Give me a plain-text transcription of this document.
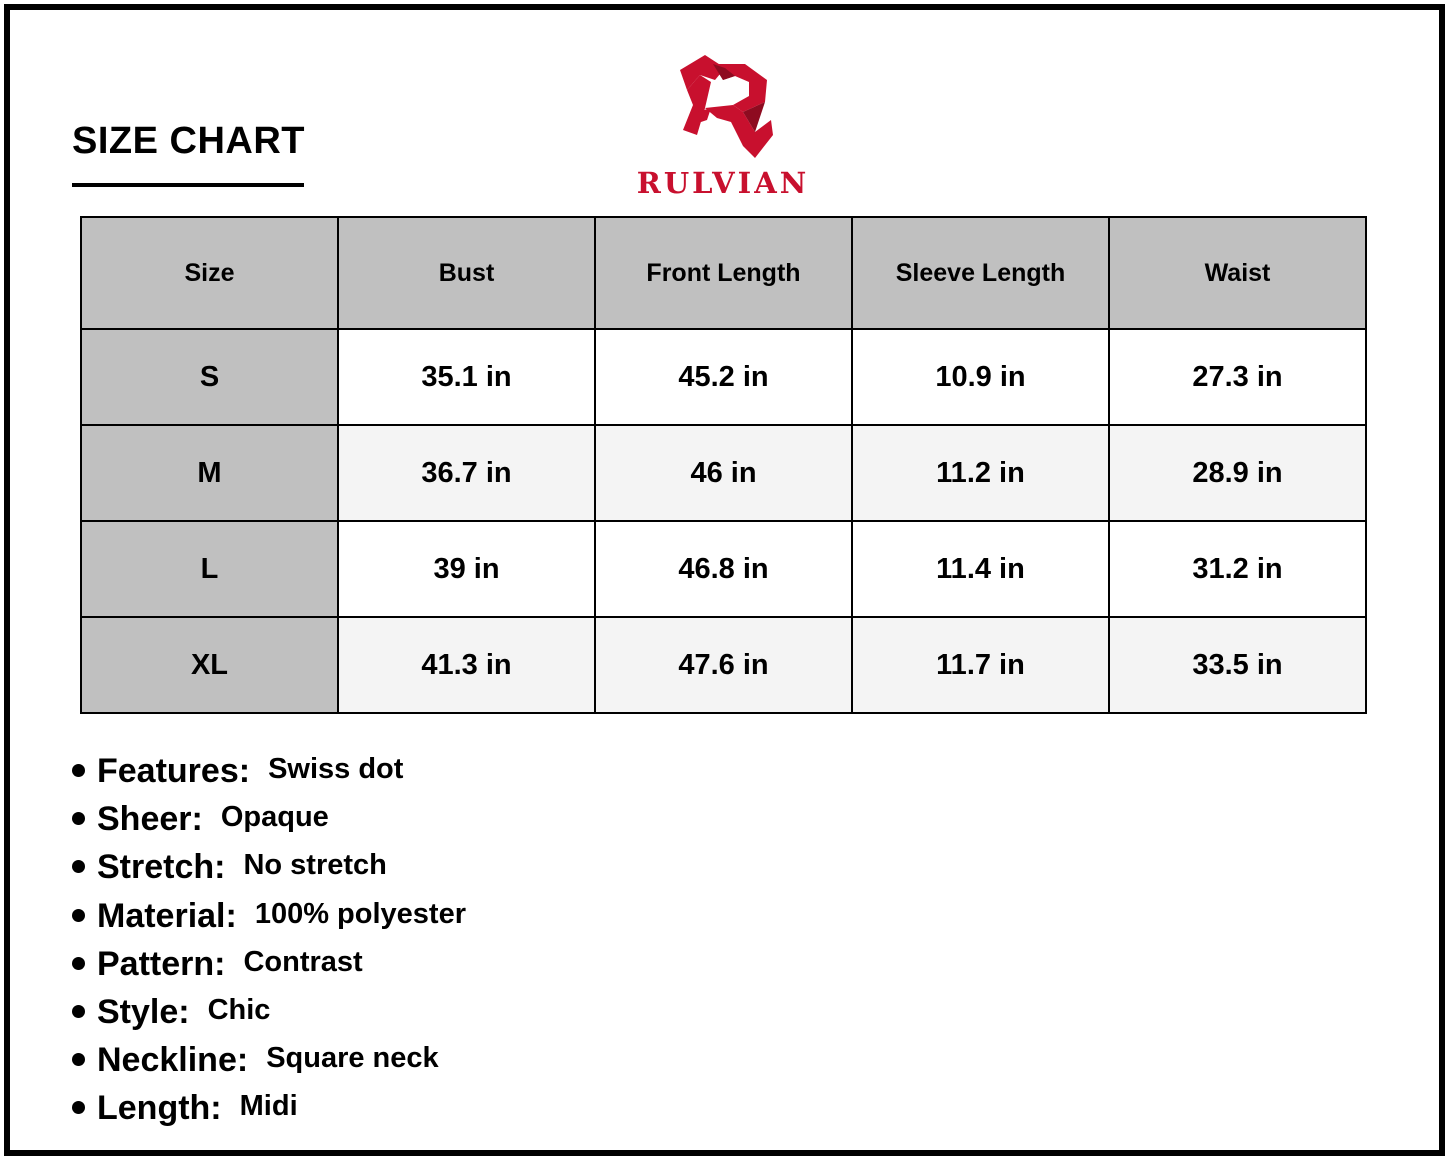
SIZE CHART
RULVIAN
Size	Bust	Front Length	Sleeve Length	Waist
S	35.1 in	45.2 in	10.9 in	27.3 in
M	36.7 in	46 in	11.2 in	28.9 in
L	39 in	46.8 in	11.4 in	31.2 in
XL	41.3 in	47.6 in	11.7 in	33.5 in
Features: Swiss dot
Sheer: Opaque
Stretch: No stretch
Material: 100% polyester
Pattern: Contrast
Style: Chic
Neckline: Square neck
Length: Midi
